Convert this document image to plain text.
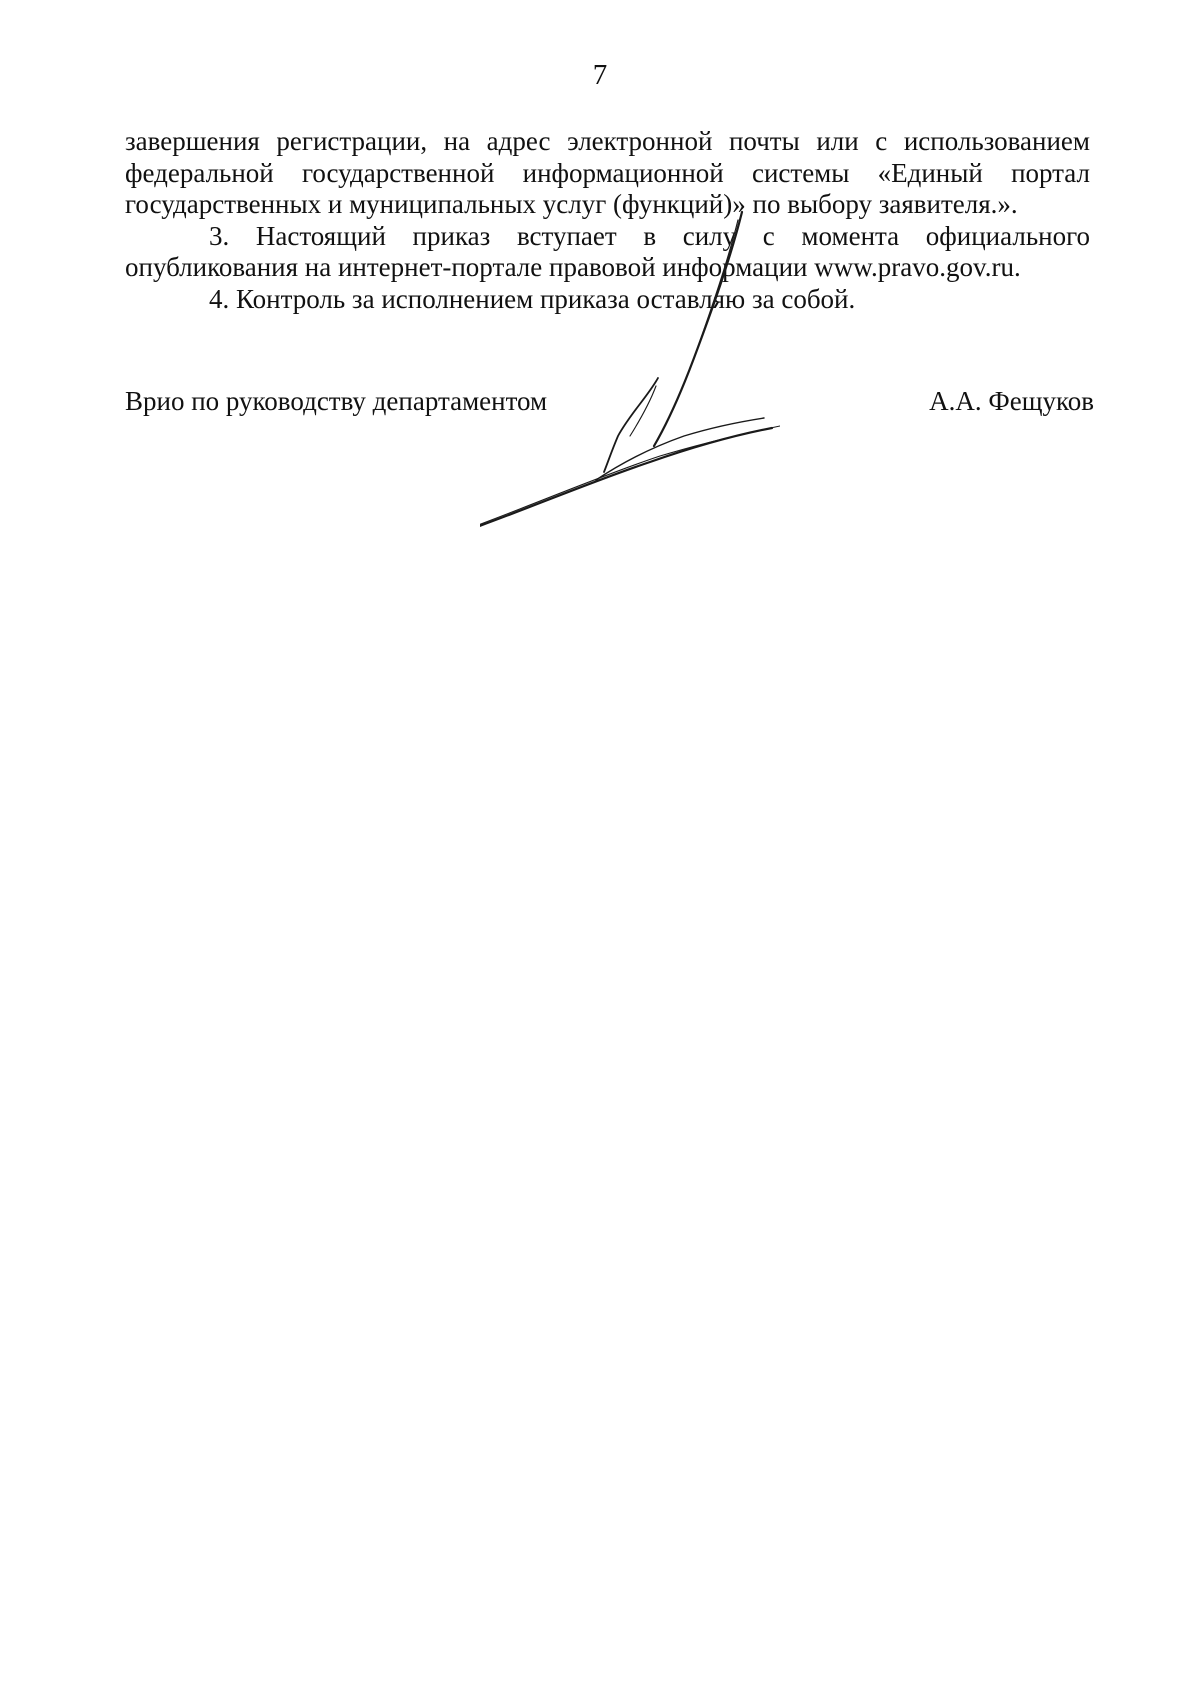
7
завершения регистрации, на адрес электронной почты или с использованием
федеральной государственной информационной системы «Единый портал
государственных и муниципальных услуг (функций)» по выбору заявителя.».
3. Настоящий приказ вступает в силу с момента официального
опубликования на интернет-портале правовой информации www.pravo.gov.ru.
4. Контроль за исполнением приказа оставляю за собой.
Врио по руководству департаментом	А.А. Фещуков
